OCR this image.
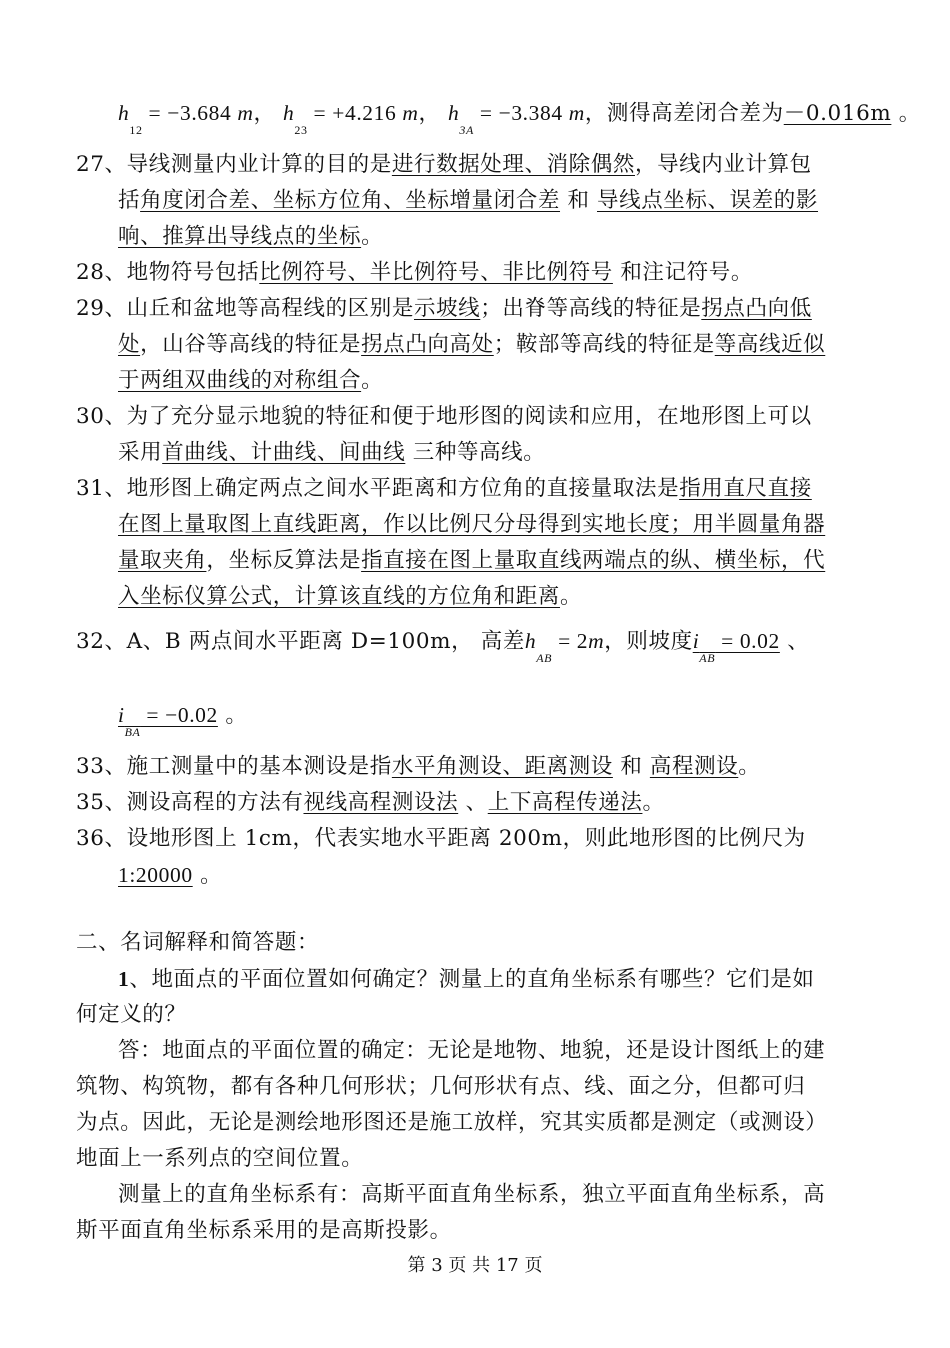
$h_{12} = -3.684$ m， $h_{23} = +4.216$ m， $h_{3A} = -3.384$ m，测得高差闭合差为－0.016m 。
27、导线测量内业计算的目的是进行数据处理、消除偶然，导线内业计算包
括角度闭合差、坐标方位角、坐标增量闭合差 和 导线点坐标、误差的影
响、推算出导线点的坐标。
28、地物符号包括比例符号、半比例符号、非比例符号 和注记符号。
29、山丘和盆地等高程线的区别是示坡线；出脊等高线的特征是拐点凸向低
处，山谷等高线的特征是拐点凸向高处；鞍部等高线的特征是等高线近似
于两组双曲线的对称组合。
30、为了充分显示地貌的特征和便于地形图的阅读和应用，在地形图上可以
采用首曲线、计曲线、间曲线 三种等高线。
31、地形图上确定两点之间水平距离和方位角的直接量取法是指用直尺直接
在图上量取图上直线距离，作以比例尺分母得到实地长度；用半圆量角器
量取夹角，坐标反算法是指直接在图上量取直线两端点的纵、横坐标，代
入坐标仪算公式，计算该直线的方位角和距离。
32、A、B 两点间水平距离 D=100m， 高差$h_{AB} = 2m$，则坡度$i_{AB} = 0.02$ 、
$i_{BA} = -0.02$ 。
33、施工测量中的基本测设是指水平角测设、距离测设 和 高程测设。
35、测设高程的方法有视线高程测设法 、上下高程传递法。
36、设地形图上 1cm，代表实地水平距离 200m，则此地形图的比例尺为
1:20000 。
二、名词解释和简答题：
1、地面点的平面位置如何确定？测量上的直角坐标系有哪些？它们是如
何定义的？
答：地面点的平面位置的确定：无论是地物、地貌，还是设计图纸上的建
筑物、构筑物，都有各种几何形状；几何形状有点、线、面之分，但都可归
为点。因此，无论是测绘地形图还是施工放样，究其实质都是测定（或测设）
地面上一系列点的空间位置。
测量上的直角坐标系有：高斯平面直角坐标系，独立平面直角坐标系，高
斯平面直角坐标系采用的是高斯投影。
第 3 页 共 17 页
